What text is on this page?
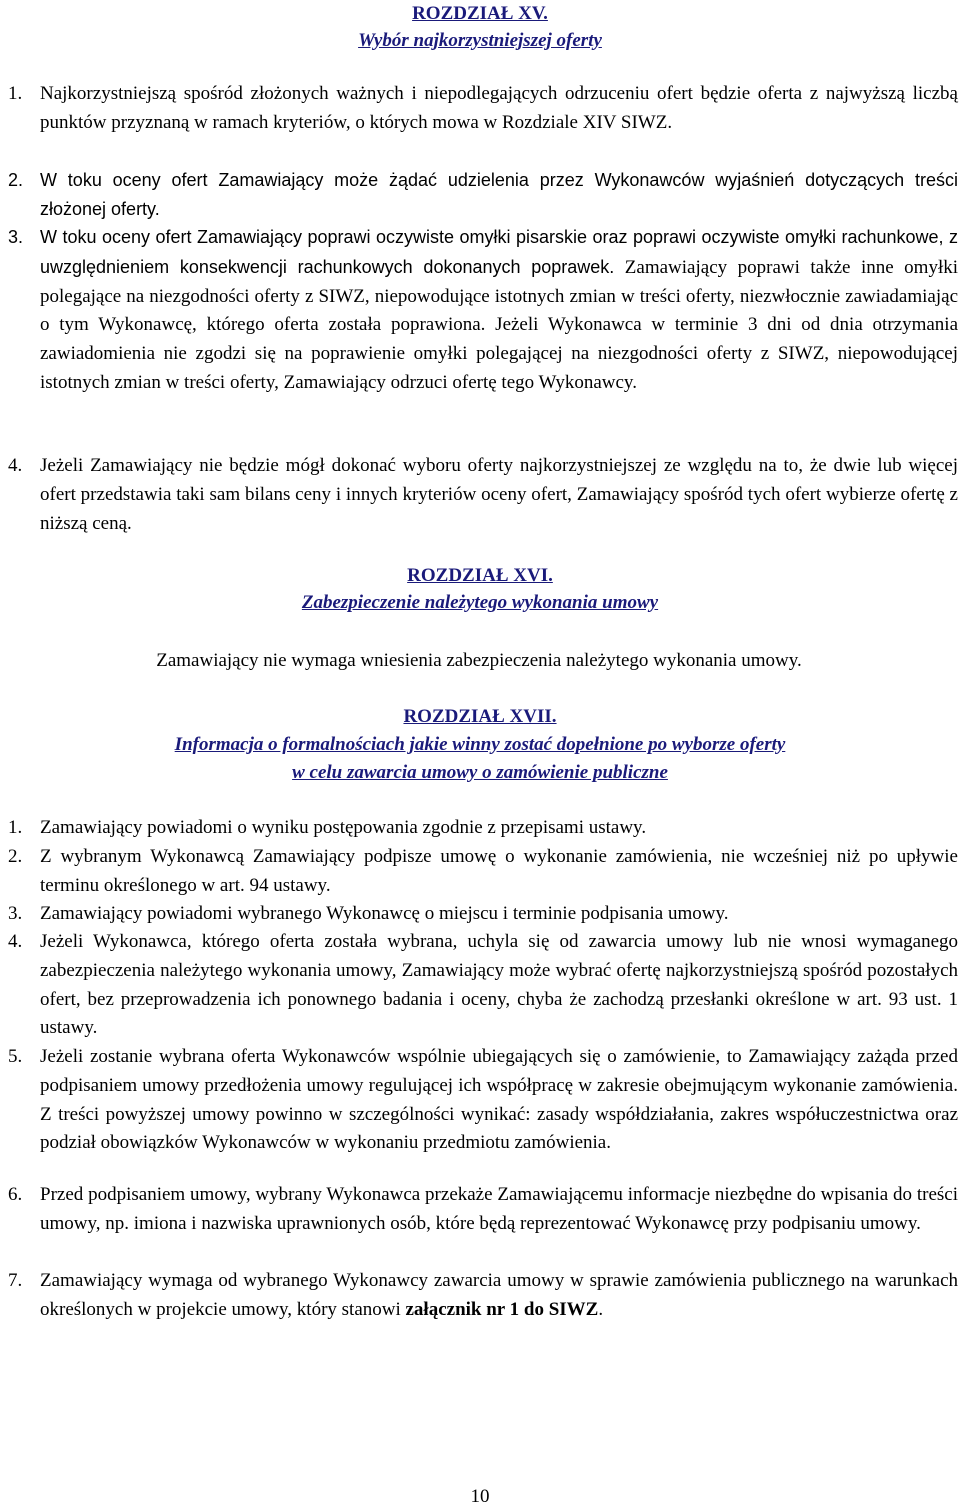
ROZDZIAŁ XV.
Wybór najkorzystniejszej oferty
1. Najkorzystniejszą spośród złożonych ważnych i niepodlegających odrzuceniu ofert będzie oferta z najwyższą liczbą punktów przyznaną w ramach kryteriów, o których mowa w Rozdziale XIV SIWZ.
2. W toku oceny ofert Zamawiający może żądać udzielenia przez Wykonawców wyjaśnień dotyczących treści złożonej oferty.
3. W toku oceny ofert Zamawiający poprawi oczywiste omyłki pisarskie oraz poprawi oczywiste omyłki rachunkowe, z uwzględnieniem konsekwencji rachunkowych dokonanych poprawek. Zamawiający poprawi także inne omyłki polegające na niezgodności oferty z SIWZ, niepowodujące istotnych zmian w treści oferty, niezwłocznie zawiadamiając o tym Wykonawcę, którego oferta została poprawiona. Jeżeli Wykonawca w terminie 3 dni od dnia otrzymania zawiadomienia nie zgodzi się na poprawienie omyłki polegającej na niezgodności oferty z SIWZ, niepowodującej istotnych zmian w treści oferty, Zamawiający odrzuci ofertę tego Wykonawcy.
4. Jeżeli Zamawiający nie będzie mógł dokonać wyboru oferty najkorzystniejszej ze względu na to, że dwie lub więcej ofert przedstawia taki sam bilans ceny i innych kryteriów oceny ofert, Zamawiający spośród tych ofert wybierze ofertę z niższą ceną.
ROZDZIAŁ XVI.
Zabezpieczenie należytego wykonania umowy
Zamawiający nie wymaga wniesienia zabezpieczenia należytego wykonania umowy.
ROZDZIAŁ XVII.
Informacja o formalnościach jakie winny zostać dopełnione po wyborze oferty
w celu zawarcia umowy o zamówienie publiczne
1. Zamawiający powiadomi o wyniku postępowania zgodnie z przepisami ustawy.
2. Z wybranym Wykonawcą Zamawiający podpisze umowę o wykonanie zamówienia, nie wcześniej niż po upływie terminu określonego w art. 94 ustawy.
3. Zamawiający powiadomi wybranego Wykonawcę o miejscu i terminie podpisania umowy.
4. Jeżeli Wykonawca, którego oferta została wybrana, uchyla się od zawarcia umowy lub nie wnosi wymaganego zabezpieczenia należytego wykonania umowy, Zamawiający może wybrać ofertę najkorzystniejszą spośród pozostałych ofert, bez przeprowadzenia ich ponownego badania i oceny, chyba że zachodzą przesłanki określone w art. 93 ust. 1 ustawy.
5. Jeżeli zostanie wybrana oferta Wykonawców wspólnie ubiegających się o zamówienie, to Zamawiający zażąda przed podpisaniem umowy przedłożenia umowy regulującej ich współpracę w zakresie obejmującym wykonanie zamówienia. Z treści powyższej umowy powinno w szczególności wynikać: zasady współdziałania, zakres współuczestnictwa oraz podział obowiązków Wykonawców w wykonaniu przedmiotu zamówienia.
6. Przed podpisaniem umowy, wybrany Wykonawca przekaże Zamawiającemu informacje niezbędne do wpisania do treści umowy, np. imiona i nazwiska uprawnionych osób, które będą reprezentować Wykonawcę przy podpisaniu umowy.
7. Zamawiający wymaga od wybranego Wykonawcy zawarcia umowy w sprawie zamówienia publicznego na warunkach określonych w projekcie umowy, który stanowi załącznik nr 1 do SIWZ.
10
